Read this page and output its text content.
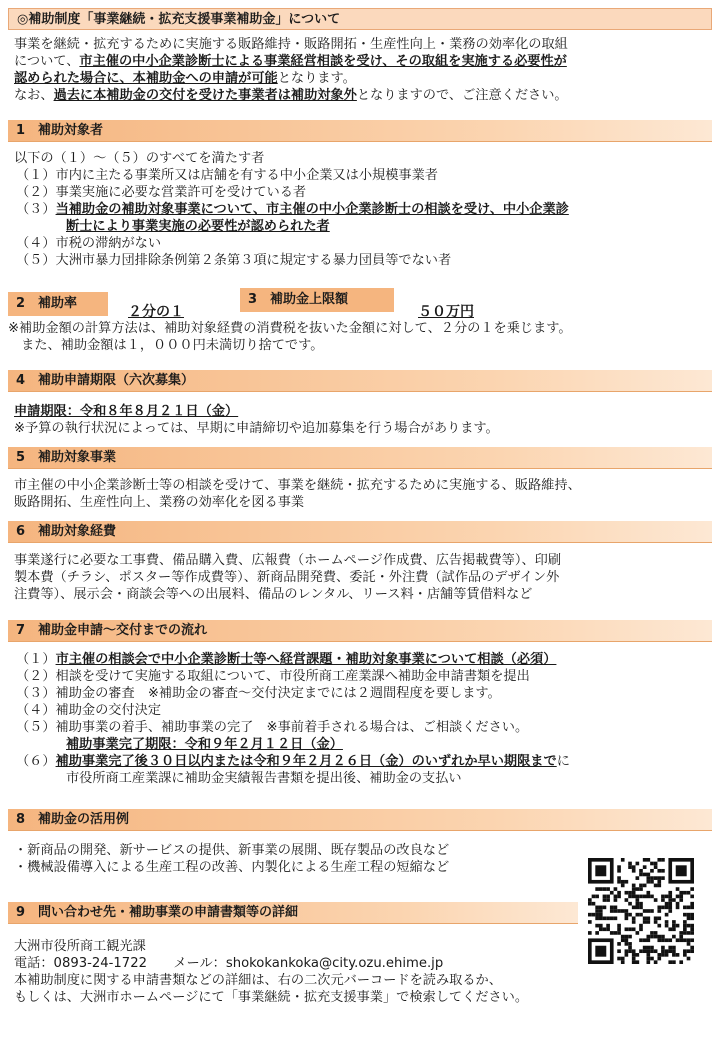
◎補助制度「事業継続・拡充支援事業補助金」について

事業を継続・拡充するために実施する販路維持・販路開拓・生産性向上・業務の効率化の取組

について、市主催の中小企業診断士による事業経営相談を受け、その取組を実施する必要性が

認められた場合に、本補助金への申請が可能となります。

なお、過去に本補助金の交付を受けた事業者は補助対象外となりますので、ご注意ください。

1　補助対象者

以下の（１）～（５）のすべてを満たす者

（１）市内に主たる事業所又は店舗を有する中小企業又は小規模事業者

（２）事業実施に必要な営業許可を受けている者

（３）当補助金の補助対象事業について、市主催の中小企業診断士の相談を受け、中小企業診

断士により事業実施の必要性が認められた者

（４）市税の滞納がない

（５）大洲市暴力団排除条例第２条第３項に規定する暴力団員等でない者

2　補助率
２分の１
3　補助金上限額
５０万円

※補助金額の計算方法は、補助対象経費の消費税を抜いた金額に対して、２分の１を乗じます。

　また、補助金額は１，０００円未満切り捨てです。

4　補助申請期限（六次募集）

申請期限：令和８年８月２１日（金）

※予算の執行状況によっては、早期に申請締切や追加募集を行う場合があります。

5　補助対象事業

市主催の中小企業診断士等の相談を受けて、事業を継続・拡充するために実施する、販路維持、

販路開拓、生産性向上、業務の効率化を図る事業

6　補助対象経費

事業遂行に必要な工事費、備品購入費、広報費（ホームページ作成費、広告掲載費等）、印刷

製本費（チラシ、ポスター等作成費等）、新商品開発費、委託・外注費（試作品のデザイン外

注費等）、展示会・商談会等への出展料、備品のレンタル、リース料・店舗等賃借料など

7　補助金申請～交付までの流れ

（１）市主催の相談会で中小企業診断士等へ経営課題・補助対象事業について相談（必須）

（２）相談を受けて実施する取組について、市役所商工産業課へ補助金申請書類を提出

（３）補助金の審査　※補助金の審査～交付決定までには２週間程度を要します。

（４）補助金の交付決定

（５）補助事業の着手、補助事業の完了　※事前着手される場合は、ご相談ください。

補助事業完了期限：令和９年２月１２日（金）

（６）補助事業完了後３０日以内または令和９年２月２６日（金）のいずれか早い期限までに

市役所商工産業課に補助金実績報告書類を提出後、補助金の支払い

8　補助金の活用例

・新商品の開発、新サービスの提供、新事業の展開、既存製品の改良など

・機械設備導入による生産工程の改善、内製化による生産工程の短縮など

9　問い合わせ先・補助事業の申請書類等の詳細

大洲市役所商工観光課

電話：0893-24-1722　　メール：shokokankoka@city.ozu.ehime.jp

本補助制度に関する申請書類などの詳細は、右の二次元バーコードを読み取るか、

もしくは、大洲市ホームページにて「事業継続・拡充支援事業」で検索してください。
